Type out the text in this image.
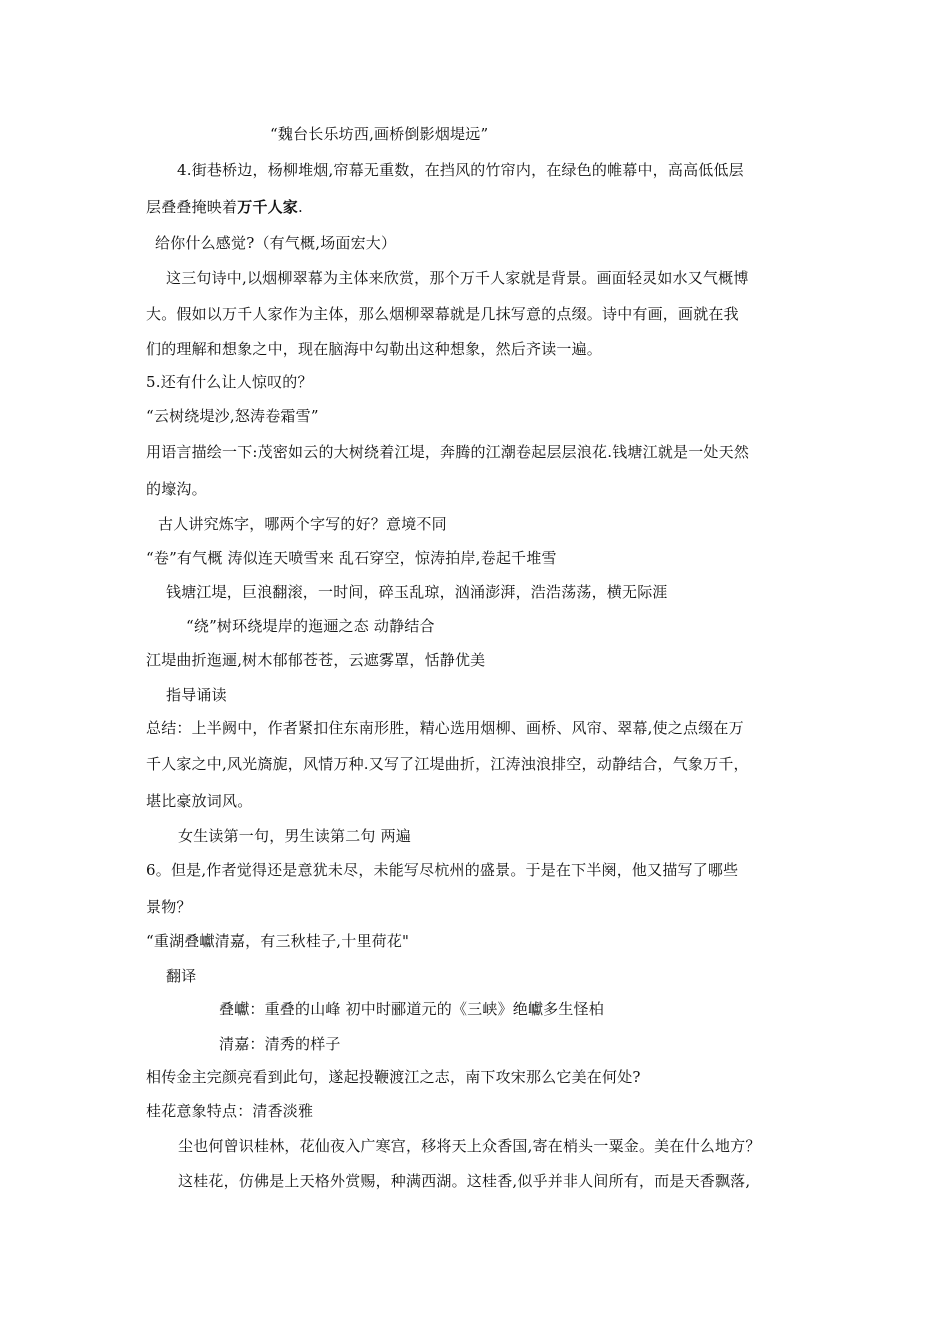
“魏台长乐坊西,画桥倒影烟堤远”
4.街巷桥边，杨柳堆烟,帘幕无重数，在挡风的竹帘内，在绿色的帷幕中，高高低低层
层叠叠掩映着万千人家.
给你什么感觉?（有气概,场面宏大）
这三句诗中,以烟柳翠幕为主体来欣赏，那个万千人家就是背景。画面轻灵如水又气概博
大。假如以万千人家作为主体，那么烟柳翠幕就是几抹写意的点缀。诗中有画，画就在我
们的理解和想象之中，现在脑海中勾勒出这种想象，然后齐读一遍。
5.还有什么让人惊叹的？
“云树绕堤沙,怒涛卷霜雪”
用语言描绘一下:茂密如云的大树绕着江堤，奔腾的江潮卷起层层浪花.钱塘江就是一处天然
的壕沟。
古人讲究炼字，哪两个字写的好？意境不同
“卷”有气概 涛似连天喷雪来 乱石穿空，惊涛拍岸,卷起千堆雪
钱塘江堤，巨浪翻滚，一时间，碎玉乱琼，汹涌澎湃，浩浩荡荡，横无际涯
“绕”树环绕堤岸的迤逦之态 动静结合
江堤曲折迤逦,树木郁郁苍苍，云遮雾罩，恬静优美
指导诵读
总结：上半阙中，作者紧扣住东南形胜，精心选用烟柳、画桥、风帘、翠幕,使之点缀在万
千人家之中,风光旖旎，风情万种.又写了江堤曲折，江涛浊浪排空，动静结合，气象万千，
堪比豪放词风。
女生读第一句，男生读第二句 两遍
6。但是,作者觉得还是意犹未尽，未能写尽杭州的盛景。于是在下半阕，他又描写了哪些
景物？
“重湖叠巘清嘉，有三秋桂子,十里荷花"
翻译
叠巘：重叠的山峰 初中时郦道元的《三峡》绝巘多生怪柏
清嘉：清秀的样子
相传金主完颜亮看到此句，遂起投鞭渡江之志，南下攻宋那么它美在何处?
桂花意象特点：清香淡雅
尘也何曾识桂林，花仙夜入广寒宫，移将天上众香国,寄在梢头一粟金。美在什么地方？
这桂花，仿佛是上天格外赏赐，种满西湖。这桂香,似乎并非人间所有，而是天香飘落,
